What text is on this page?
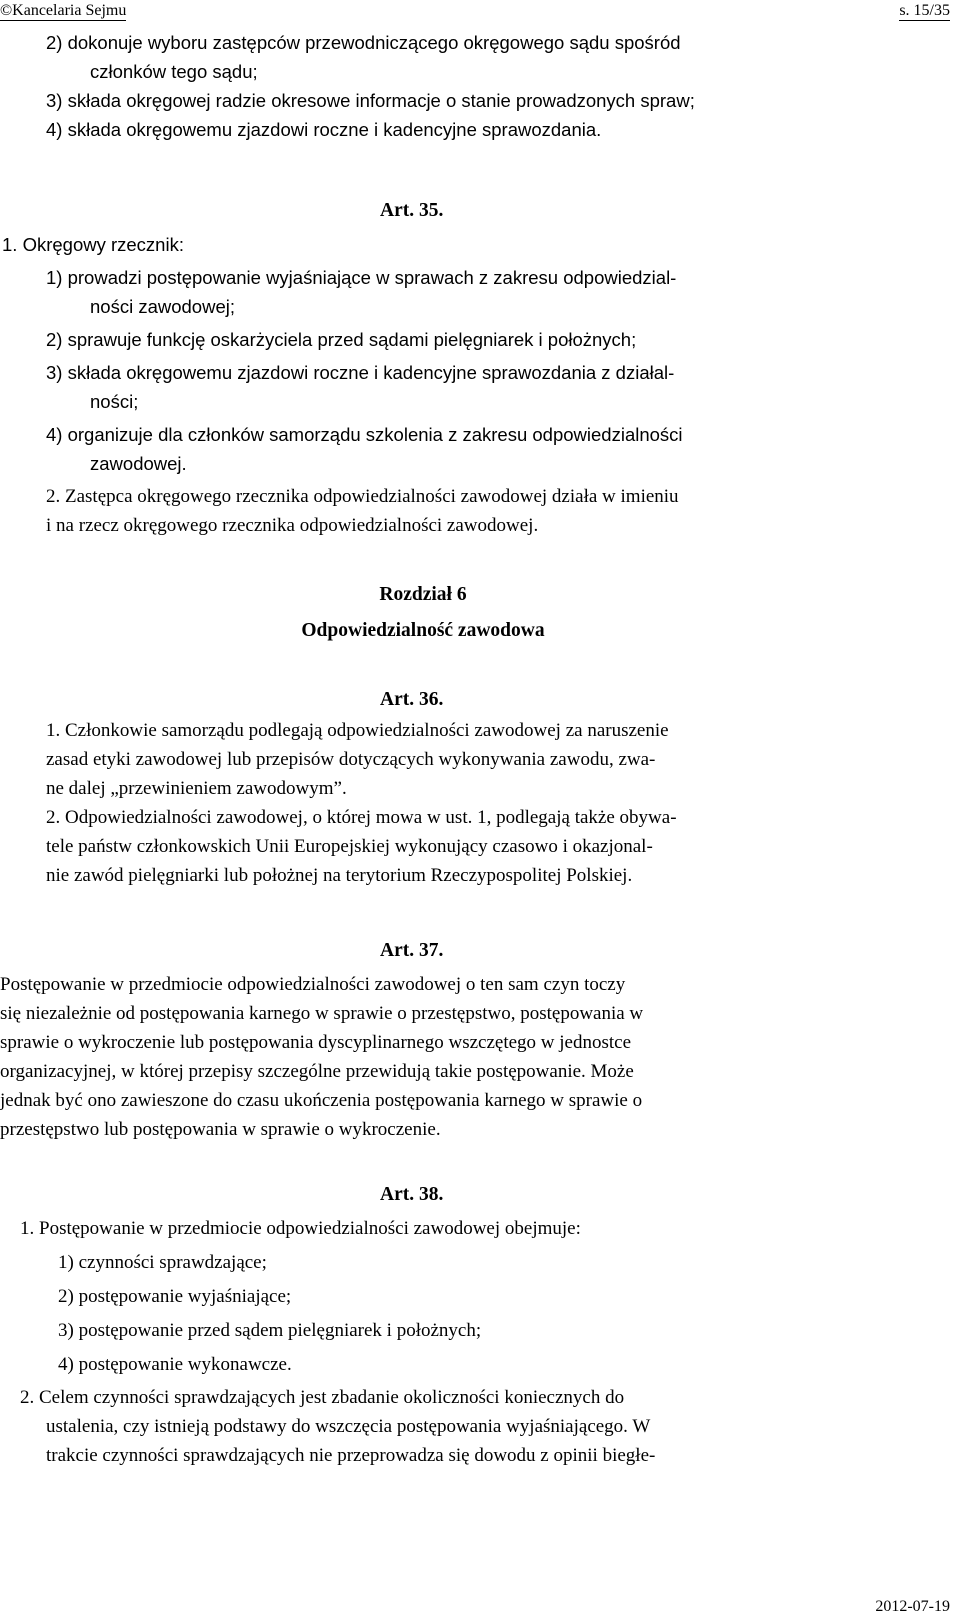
©Kancelaria Sejmu	s. 15/35
2) dokonuje wyboru zastępców przewodniczącego okręgowego sądu spośród
członków tego sądu;
3) składa okręgowej radzie okresowe informacje o stanie prowadzonych spraw;
4) składa okręgowemu zjazdowi roczne i kadencyjne sprawozdania.
Art. 35.
1. Okręgowy rzecznik:
1) prowadzi postępowanie wyjaśniające w sprawach z zakresu odpowiedzial-
ności zawodowej;
2) sprawuje funkcję oskarżyciela przed sądami pielęgniarek i położnych;
3) składa okręgowemu zjazdowi roczne i kadencyjne sprawozdania z działal-
ności;
4) organizuje dla członków samorządu szkolenia z zakresu odpowiedzialności
zawodowej.
2. Zastępca okręgowego rzecznika odpowiedzialności zawodowej działa w imieniu
i na rzecz okręgowego rzecznika odpowiedzialności zawodowej.
Rozdział 6
Odpowiedzialność zawodowa
Art. 36.
1. Członkowie samorządu podlegają odpowiedzialności zawodowej za naruszenie
zasad etyki zawodowej lub przepisów dotyczących wykonywania zawodu, zwa-
ne dalej „przewinieniem zawodowym”.
2. Odpowiedzialności zawodowej, o której mowa w ust. 1, podlegają także obywa-
tele państw członkowskich Unii Europejskiej wykonujący czasowo i okazjonal-
nie zawód pielęgniarki lub położnej na terytorium Rzeczypospolitej Polskiej.
Art. 37.
Postępowanie w przedmiocie odpowiedzialności zawodowej o ten sam czyn toczy
się niezależnie od postępowania karnego w sprawie o przestępstwo, postępowania w
sprawie o wykroczenie lub postępowania dyscyplinarnego wszczętego w jednostce
organizacyjnej, w której przepisy szczególne przewidują takie postępowanie. Może
jednak być ono zawieszone do czasu ukończenia postępowania karnego w sprawie o
przestępstwo lub postępowania w sprawie o wykroczenie.
Art. 38.
1. Postępowanie w przedmiocie odpowiedzialności zawodowej obejmuje:
1) czynności sprawdzające;
2) postępowanie wyjaśniające;
3) postępowanie przed sądem pielęgniarek i położnych;
4) postępowanie wykonawcze.
2. Celem czynności sprawdzających jest zbadanie okoliczności koniecznych do
ustalenia, czy istnieją podstawy do wszczęcia postępowania wyjaśniającego. W
trakcie czynności sprawdzających nie przeprowadza się dowodu z opinii biegłe-
2012-07-19
